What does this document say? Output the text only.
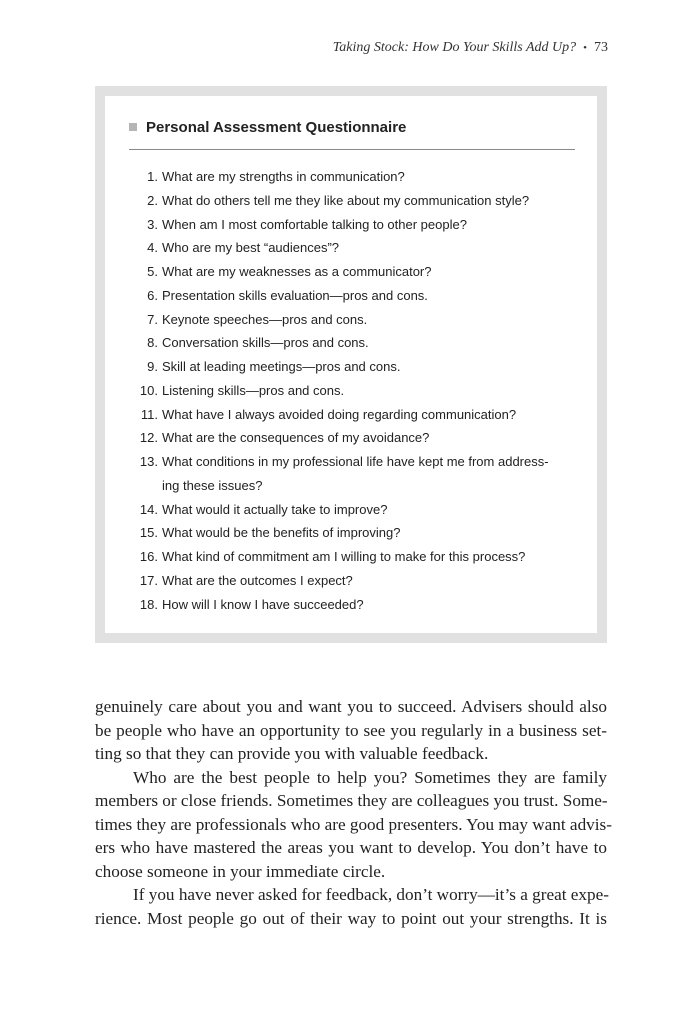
Taking Stock: How Do Your Skills Add Up? • 73
Personal Assessment Questionnaire
1. What are my strengths in communication?
2. What do others tell me they like about my communication style?
3. When am I most comfortable talking to other people?
4. Who are my best “audiences”?
5. What are my weaknesses as a communicator?
6. Presentation skills evaluation—pros and cons.
7. Keynote speeches—pros and cons.
8. Conversation skills—pros and cons.
9. Skill at leading meetings—pros and cons.
10. Listening skills—pros and cons.
11. What have I always avoided doing regarding communication?
12. What are the consequences of my avoidance?
13. What conditions in my professional life have kept me from address-
ing these issues?
14. What would it actually take to improve?
15. What would be the benefits of improving?
16. What kind of commitment am I willing to make for this process?
17. What are the outcomes I expect?
18. How will I know I have succeeded?
genuinely care about you and want you to succeed. Advisers should also
be people who have an opportunity to see you regularly in a business set-
ting so that they can provide you with valuable feedback.
Who are the best people to help you? Sometimes they are family
members or close friends. Sometimes they are colleagues you trust. Some-
times they are professionals who are good presenters. You may want advis-
ers who have mastered the areas you want to develop. You don’t have to
choose someone in your immediate circle.
If you have never asked for feedback, don’t worry—it’s a great expe-
rience. Most people go out of their way to point out your strengths. It is
